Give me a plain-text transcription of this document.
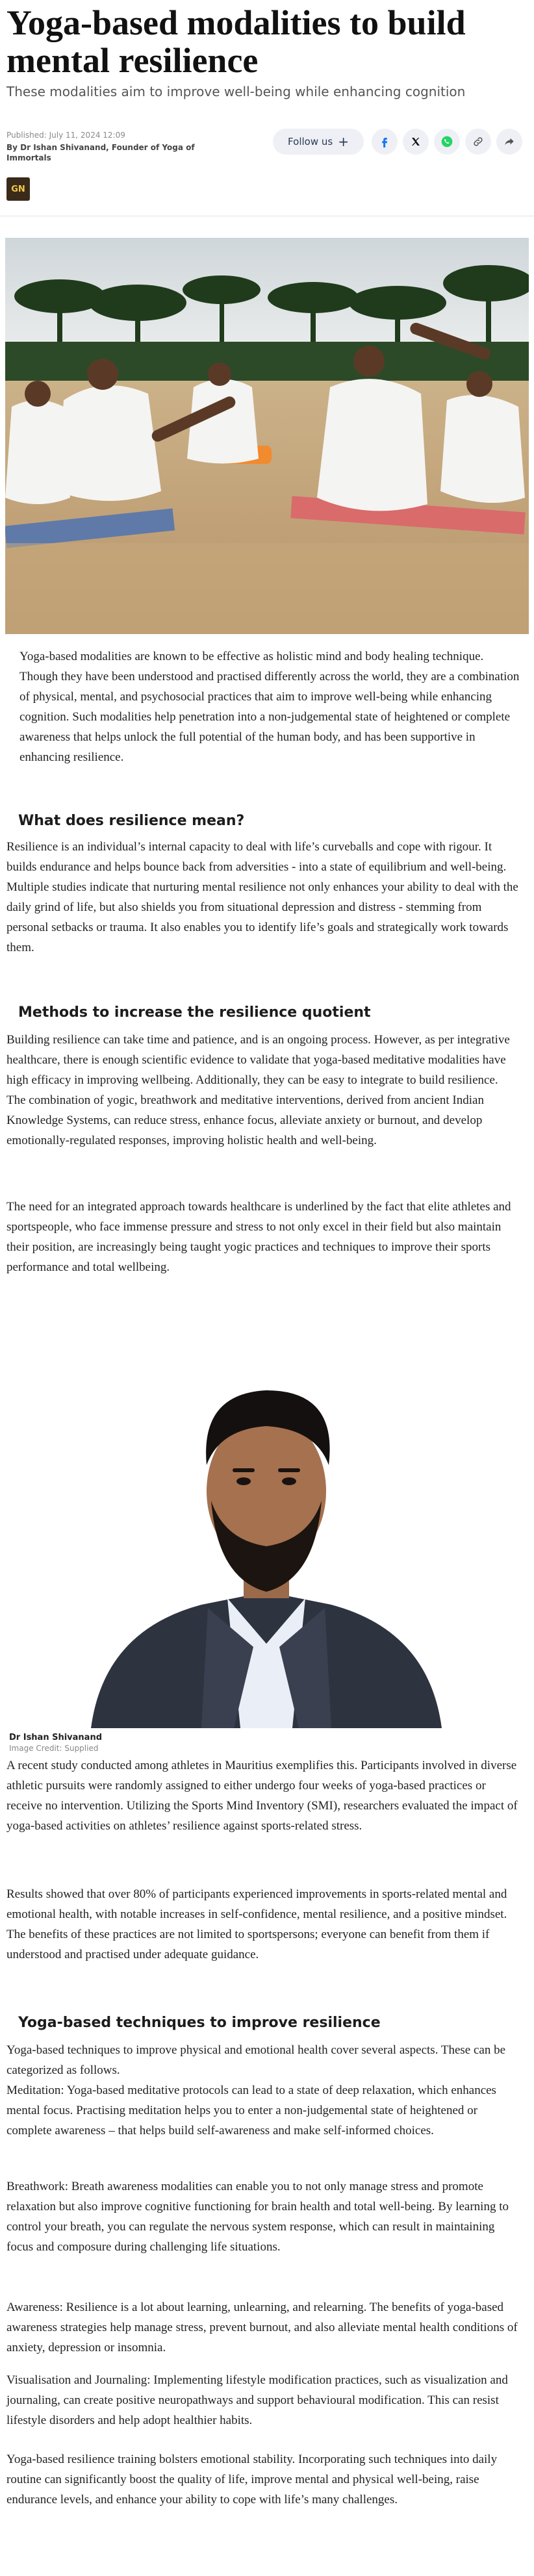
Yoga-based modalities to build mental resilience

These modalities aim to improve well-being while enhancing cognition

Published: July 11, 2024 12:09
By Dr Ishan Shivanand, Founder of Yoga of Immortals
GN
Follow us +

Yoga-based modalities are known to be effective as holistic mind and body healing technique. Though they have been understood and practised differently across the world, they are a combination of physical, mental, and psychosocial practices that aim to improve well-being while enhancing cognition. Such modalities help penetration into a non-judgemental state of heightened or complete awareness that helps unlock the full potential of the human body, and has been supportive in enhancing resilience.

What does resilience mean?

Resilience is an individual’s internal capacity to deal with life’s curveballs and cope with rigour. It builds endurance and helps bounce back from adversities - into a state of equilibrium and well-being. Multiple studies indicate that nurturing mental resilience not only enhances your ability to deal with the daily grind of life, but also shields you from situational depression and distress - stemming from personal setbacks or trauma. It also enables you to identify life’s goals and strategically work towards them.

Methods to increase the resilience quotient

Building resilience can take time and patience, and is an ongoing process. However, as per integrative healthcare, there is enough scientific evidence to validate that yoga-based meditative modalities have high efficacy in improving wellbeing. Additionally, they can be easy to integrate to build resilience. The combination of yogic, breathwork and meditative interventions, derived from ancient Indian Knowledge Systems, can reduce stress, enhance focus, alleviate anxiety or burnout, and develop emotionally-regulated responses, improving holistic health and well-being.

The need for an integrated approach towards healthcare is underlined by the fact that elite athletes and sportspeople, who face immense pressure and stress to not only excel in their field but also maintain their position, are increasingly being taught yogic practices and techniques to improve their sports performance and total wellbeing.

Dr Ishan Shivanand
Image Credit: Supplied

A recent study conducted among athletes in Mauritius exemplifies this. Participants involved in diverse athletic pursuits were randomly assigned to either undergo four weeks of yoga-based practices or receive no intervention. Utilizing the Sports Mind Inventory (SMI), researchers evaluated the impact of yoga-based activities on athletes’ resilience against sports-related stress.

Results showed that over 80% of participants experienced improvements in sports-related mental and emotional health, with notable increases in self-confidence, mental resilience, and a positive mindset. The benefits of these practices are not limited to sportspersons; everyone can benefit from them if understood and practised under adequate guidance.

Yoga-based techniques to improve resilience

Yoga-based techniques to improve physical and emotional health cover several aspects. These can be categorized as follows.

Meditation: Yoga-based meditative protocols can lead to a state of deep relaxation, which enhances mental focus. Practising meditation helps you to enter a non-judgemental state of heightened or complete awareness – that helps build self-awareness and make self-informed choices.

Breathwork: Breath awareness modalities can enable you to not only manage stress and promote relaxation but also improve cognitive functioning for brain health and total well-being. By learning to control your breath, you can regulate the nervous system response, which can result in maintaining focus and composure during challenging life situations.

Awareness: Resilience is a lot about learning, unlearning, and relearning. The benefits of yoga-based awareness strategies help manage stress, prevent burnout, and also alleviate mental health conditions of anxiety, depression or insomnia.

Visualisation and Journaling: Implementing lifestyle modification practices, such as visualization and journaling, can create positive neuropathways and support behavioural modification. This can resist lifestyle disorders and help adopt healthier habits.

Yoga-based resilience training bolsters emotional stability. Incorporating such techniques into daily routine can significantly boost the quality of life, improve mental and physical well-being, raise endurance levels, and enhance your ability to cope with life’s many challenges.
